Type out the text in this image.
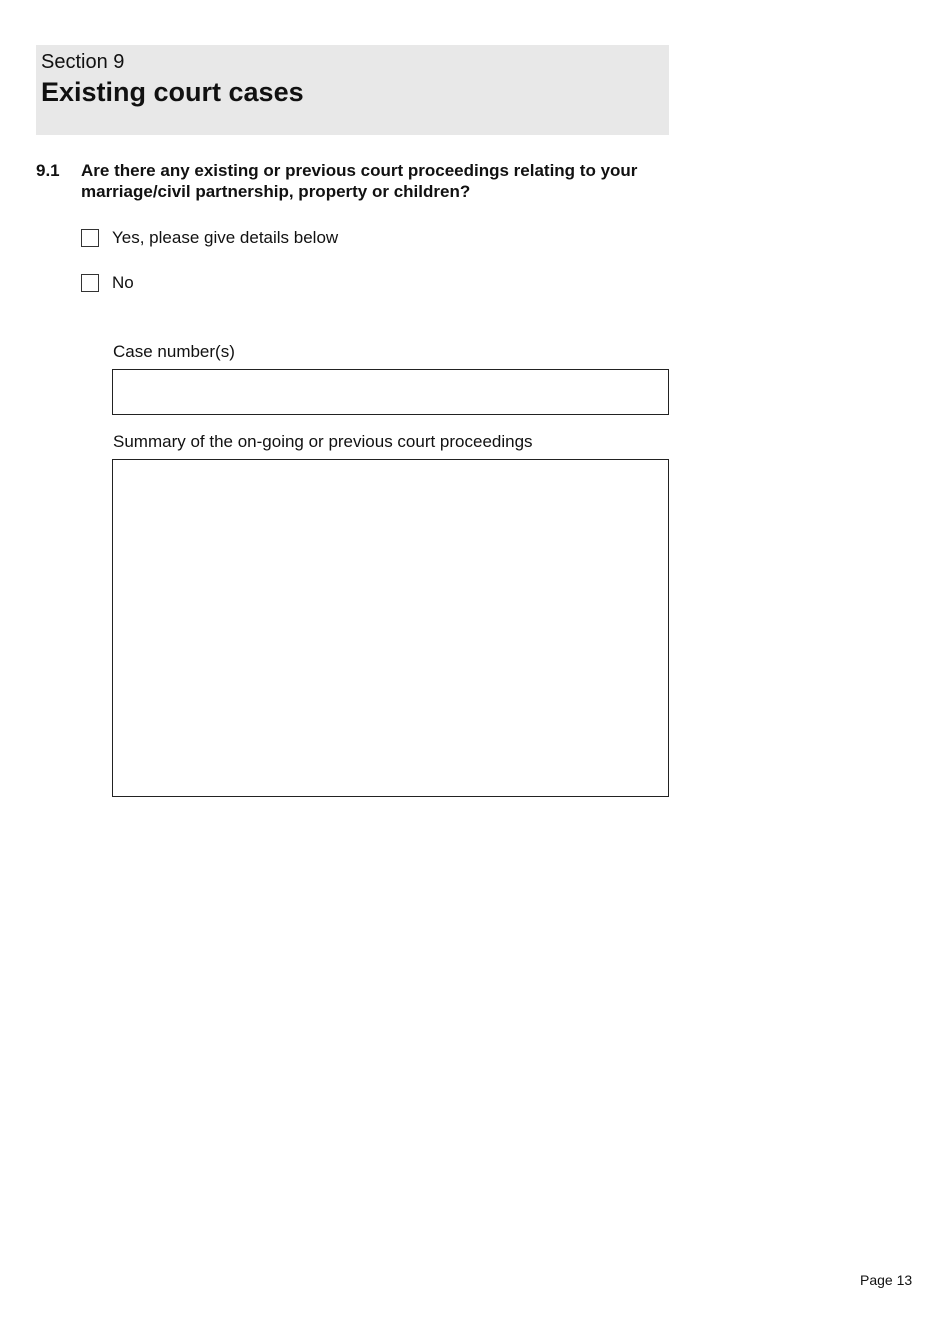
Section 9
Existing court cases
9.1 Are there any existing or previous court proceedings relating to your marriage/civil partnership, property or children?
Yes, please give details below
No
Case number(s)
Summary of the on-going or previous court proceedings
Page 13
